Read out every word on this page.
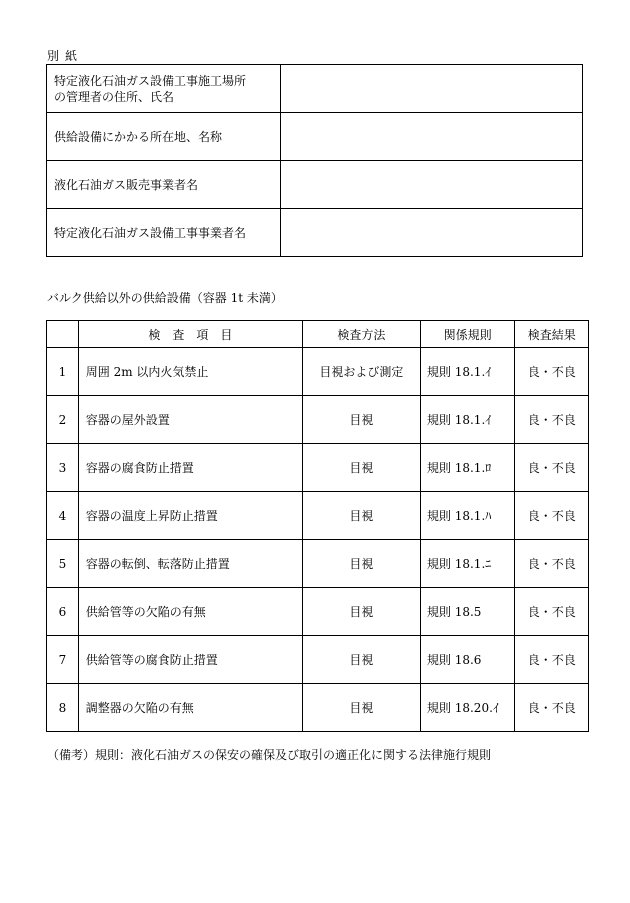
別紙
特定液化石油ガス設備工事施工場所
の管理者の住所、氏名	

供給設備にかかる所在地、名称	

液化石油ガス販売事業者名	

特定液化石油ガス設備工事事業者名	

バルク供給以外の供給設備（容器 1t 未満）
	検　査　項　目	検査方法	関係規則	検査結果
1	周囲 2m 以内火気禁止	目視および測定	規則 18.1.ｲ	良・不良
2	容器の屋外設置	目視	規則 18.1.ｲ	良・不良
3	容器の腐食防止措置	目視	規則 18.1.ﾛ	良・不良
4	容器の温度上昇防止措置	目視	規則 18.1.ﾊ	良・不良
5	容器の転倒、転落防止措置	目視	規則 18.1.ﾆ	良・不良
6	供給管等の欠陥の有無	目視	規則 18.5	良・不良
7	供給管等の腐食防止措置	目視	規則 18.6	良・不良
8	調整器の欠陥の有無	目視	規則 18.20.ｲ	良・不良
（備考）規則：液化石油ガスの保安の確保及び取引の適正化に関する法律施行規則
